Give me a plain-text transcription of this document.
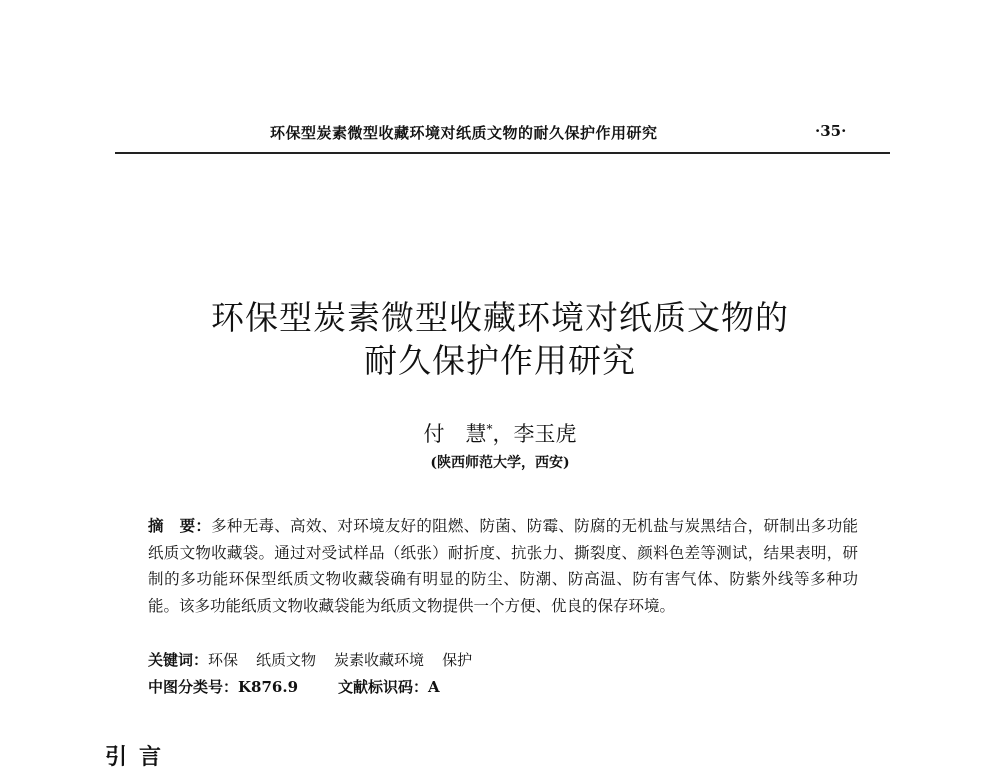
环保型炭素微型收藏环境对纸质文物的耐久保护作用研究	·35·
环保型炭素微型收藏环境对纸质文物的
耐久保护作用研究
付　慧*，李玉虎
(陕西师范大学，西安)
摘　要：多种无毒、高效、对环境友好的阻燃、防菌、防霉、防腐的无机盐与炭黑结合，研制出多功能纸质文物收藏袋。通过对受试样品（纸张）耐折度、抗张力、撕裂度、颜料色差等测试，结果表明，研制的多功能环保型纸质文物收藏袋确有明显的防尘、防潮、防高温、防有害气体、防紫外线等多种功能。该多功能纸质文物收藏袋能为纸质文物提供一个方便、优良的保存环境。
关键词：环保 纸质文物 炭素收藏环境 保护
中图分类号：K876.9	文献标识码：A
引言
